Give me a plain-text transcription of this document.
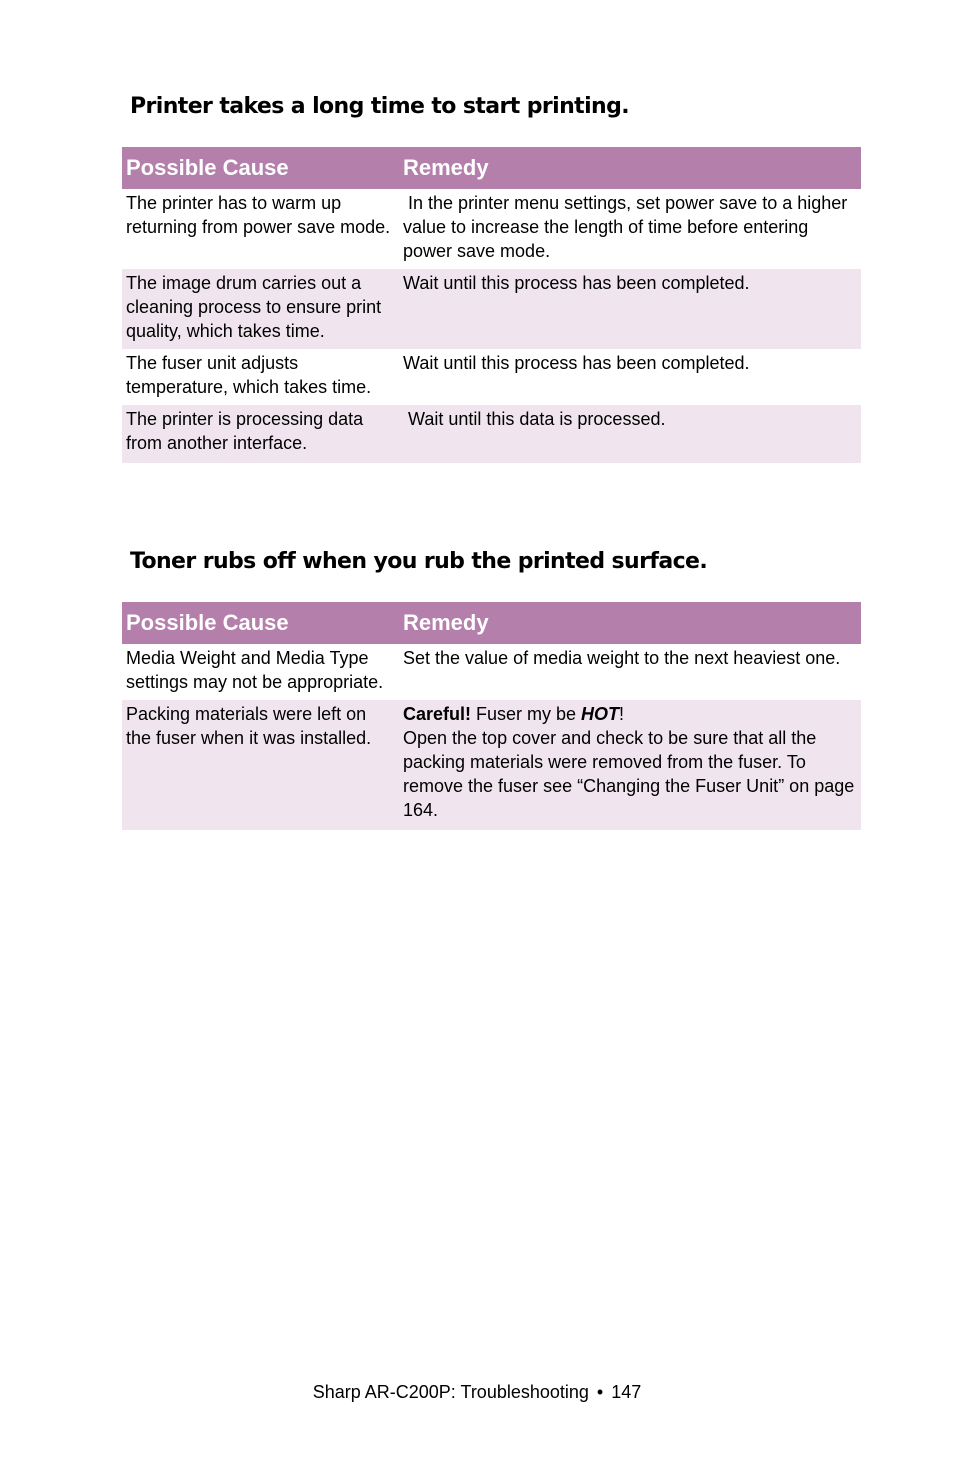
Printer takes a long time to start printing.
Possible Cause	Remedy
The printer has to warm up returning from power save mode.	In the printer menu settings, set power save to a higher value to increase the length of time before entering power save mode.
The image drum carries out a cleaning process to ensure print quality, which takes time.	Wait until this process has been completed.
The fuser unit adjusts temperature, which takes time.	Wait until this process has been completed.
The printer is processing data from another interface.	Wait until this data is processed.
Toner rubs off when you rub the printed surface.
Possible Cause	Remedy
Media Weight and Media Type settings may not be appropriate.	Set the value of media weight to the next heaviest one.
Packing materials were left on the fuser when it was installed.	Careful! Fuser my be HOT!
Open the top cover and check to be sure that all the packing materials were removed from the fuser. To remove the fuser see “Changing the Fuser Unit” on page 164.
Sharp AR-C200P: Troubleshooting • 147
